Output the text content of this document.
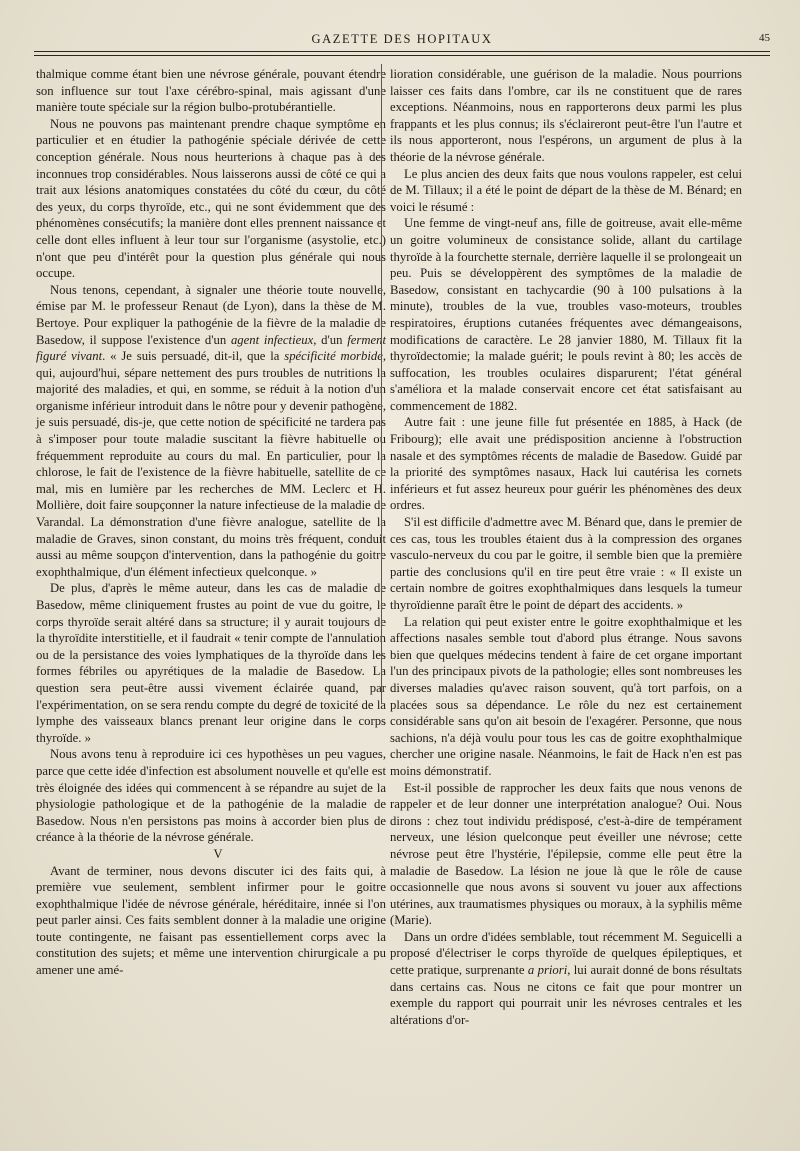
GAZETTE DES HOPITAUX	45

thalmique comme étant bien une névrose générale, pouvant étendre son influence sur tout l'axe cérébro-spinal, mais agissant d'une manière toute spéciale sur la région bulbo-protubérantielle.

Nous ne pouvons pas maintenant prendre chaque symptôme en particulier et en étudier la pathogénie spéciale dérivée de cette conception générale. Nous nous heurterions à chaque pas à des inconnues trop considérables. Nous laisserons aussi de côté ce qui a trait aux lésions anatomiques constatées du côté du cœur, du côté des yeux, du corps thyroïde, etc., qui ne sont évidemment que des phénomènes consécutifs; la manière dont elles prennent naissance et celle dont elles influent à leur tour sur l'organisme (asystolie, etc.) n'ont que peu d'intérêt pour la question plus générale qui nous occupe.

Nous tenons, cependant, à signaler une théorie toute nouvelle, émise par M. le professeur Renaut (de Lyon), dans la thèse de M. Bertoye. Pour expliquer la pathogénie de la fièvre de la maladie de Basedow, il suppose l'existence d'un agent infectieux, d'un ferment figuré vivant. « Je suis persuadé, dit-il, que la spécificité morbide, qui, aujourd'hui, sépare nettement des purs troubles de nutritions la majorité des maladies, et qui, en somme, se réduit à la notion d'un organisme inférieur introduit dans le nôtre pour y devenir pathogène, je suis persuadé, dis-je, que cette notion de spécificité ne tardera pas à s'imposer pour toute maladie suscitant la fièvre habituelle ou fréquemment reproduite au cours du mal. En particulier, pour la chlorose, le fait de l'existence de la fièvre habituelle, satellite de ce mal, mis en lumière par les recherches de MM. Leclerc et H. Mollière, doit faire soupçonner la nature infectieuse de la maladie de Varandal. La démonstration d'une fièvre analogue, satellite de la maladie de Graves, sinon constant, du moins très fréquent, conduit aussi au même soupçon d'intervention, dans la pathogénie du goitre exophthalmique, d'un élément infectieux quelconque. »

De plus, d'après le même auteur, dans les cas de maladie de Basedow, même cliniquement frustes au point de vue du goitre, le corps thyroïde serait altéré dans sa structure; il y aurait toujours de la thyroïdite interstitielle, et il faudrait « tenir compte de l'annulation ou de la persistance des voies lymphatiques de la thyroïde dans les formes fébriles ou apyrétiques de la maladie de Basedow. La question sera peut-être aussi vivement éclairée quand, par l'expérimentation, on se sera rendu compte du degré de toxicité de la lymphe des vaisseaux blancs prenant leur origine dans le corps thyroïde. »

Nous avons tenu à reproduire ici ces hypothèses un peu vagues, parce que cette idée d'infection est absolument nouvelle et qu'elle est très éloignée des idées qui commencent à se répandre au sujet de la physiologie pathologique et de la pathogénie de la maladie de Basedow. Nous n'en persistons pas moins à accorder bien plus de créance à la théorie de la névrose générale.

V

Avant de terminer, nous devons discuter ici des faits qui, à première vue seulement, semblent infirmer pour le goitre exophthalmique l'idée de névrose générale, héréditaire, innée si l'on peut parler ainsi. Ces faits semblent donner à la maladie une origine toute contingente, ne faisant pas essentiellement corps avec la constitution des sujets; et même une intervention chirurgicale a pu amener une amé-

lioration considérable, une guérison de la maladie. Nous pourrions laisser ces faits dans l'ombre, car ils ne constituent que de rares exceptions. Néanmoins, nous en rapporterons deux parmi les plus frappants et les plus connus; ils s'éclaireront peut-être l'un l'autre et ils nous apporteront, nous l'espérons, un argument de plus à la théorie de la névrose générale.

Le plus ancien des deux faits que nous voulons rappeler, est celui de M. Tillaux; il a été le point de départ de la thèse de M. Bénard; en voici le résumé :

Une femme de vingt-neuf ans, fille de goitreuse, avait elle-même un goitre volumineux de consistance solide, allant du cartilage thyroïde à la fourchette sternale, derrière laquelle il se prolongeait un peu. Puis se développèrent des symptômes de la maladie de Basedow, consistant en tachycardie (90 à 100 pulsations à la minute), troubles de la vue, troubles vaso-moteurs, troubles respiratoires, éruptions cutanées fréquentes avec démangeaisons, modifications de caractère. Le 28 janvier 1880, M. Tillaux fit la thyroïdectomie; la malade guérit; le pouls revint à 80; les accès de suffocation, les troubles oculaires disparurent; l'état général s'améliora et la malade conservait encore cet état satisfaisant au commencement de 1882.

Autre fait : une jeune fille fut présentée en 1885, à Hack (de Fribourg); elle avait une prédisposition ancienne à l'obstruction nasale et des symptômes récents de maladie de Basedow. Guidé par la priorité des symptômes nasaux, Hack lui cautérisa les cornets inférieurs et fut assez heureux pour guérir les phénomènes des deux ordres.

S'il est difficile d'admettre avec M. Bénard que, dans le premier de ces cas, tous les troubles étaient dus à la compression des organes vasculo-nerveux du cou par le goitre, il semble bien que la première partie des conclusions qu'il en tire peut être vraie : « Il existe un certain nombre de goitres exophthalmiques dans lesquels la tumeur thyroïdienne paraît être le point de départ des accidents. »

La relation qui peut exister entre le goitre exophthalmique et les affections nasales semble tout d'abord plus étrange. Nous savons bien que quelques médecins tendent à faire de cet organe important l'un des principaux pivots de la pathologie; elles sont nombreuses les diverses maladies qu'avec raison souvent, qu'à tort parfois, on a placées sous sa dépendance. Le rôle du nez est certainement considérable sans qu'on ait besoin de l'exagérer. Personne, que nous sachions, n'a déjà voulu pour tous les cas de goitre exophthalmique chercher une origine nasale. Néanmoins, le fait de Hack n'en est pas moins démonstratif.

Est-il possible de rapprocher les deux faits que nous venons de rappeler et de leur donner une interprétation analogue? Oui. Nous dirons : chez tout individu prédisposé, c'est-à-dire de tempérament nerveux, une lésion quelconque peut éveiller une névrose; cette névrose peut être l'hystérie, l'épilepsie, comme elle peut être la maladie de Basedow. La lésion ne joue là que le rôle de cause occasionnelle que nous avons si souvent vu jouer aux affections utérines, aux traumatismes physiques ou moraux, à la syphilis même (Marie).

Dans un ordre d'idées semblable, tout récemment M. Seguicelli a proposé d'électriser le corps thyroïde de quelques épileptiques, et cette pratique, surprenante a priori, lui aurait donné de bons résultats dans certains cas. Nous ne citons ce fait que pour montrer un exemple du rapport qui pourrait unir les névroses centrales et les altérations d'or-
